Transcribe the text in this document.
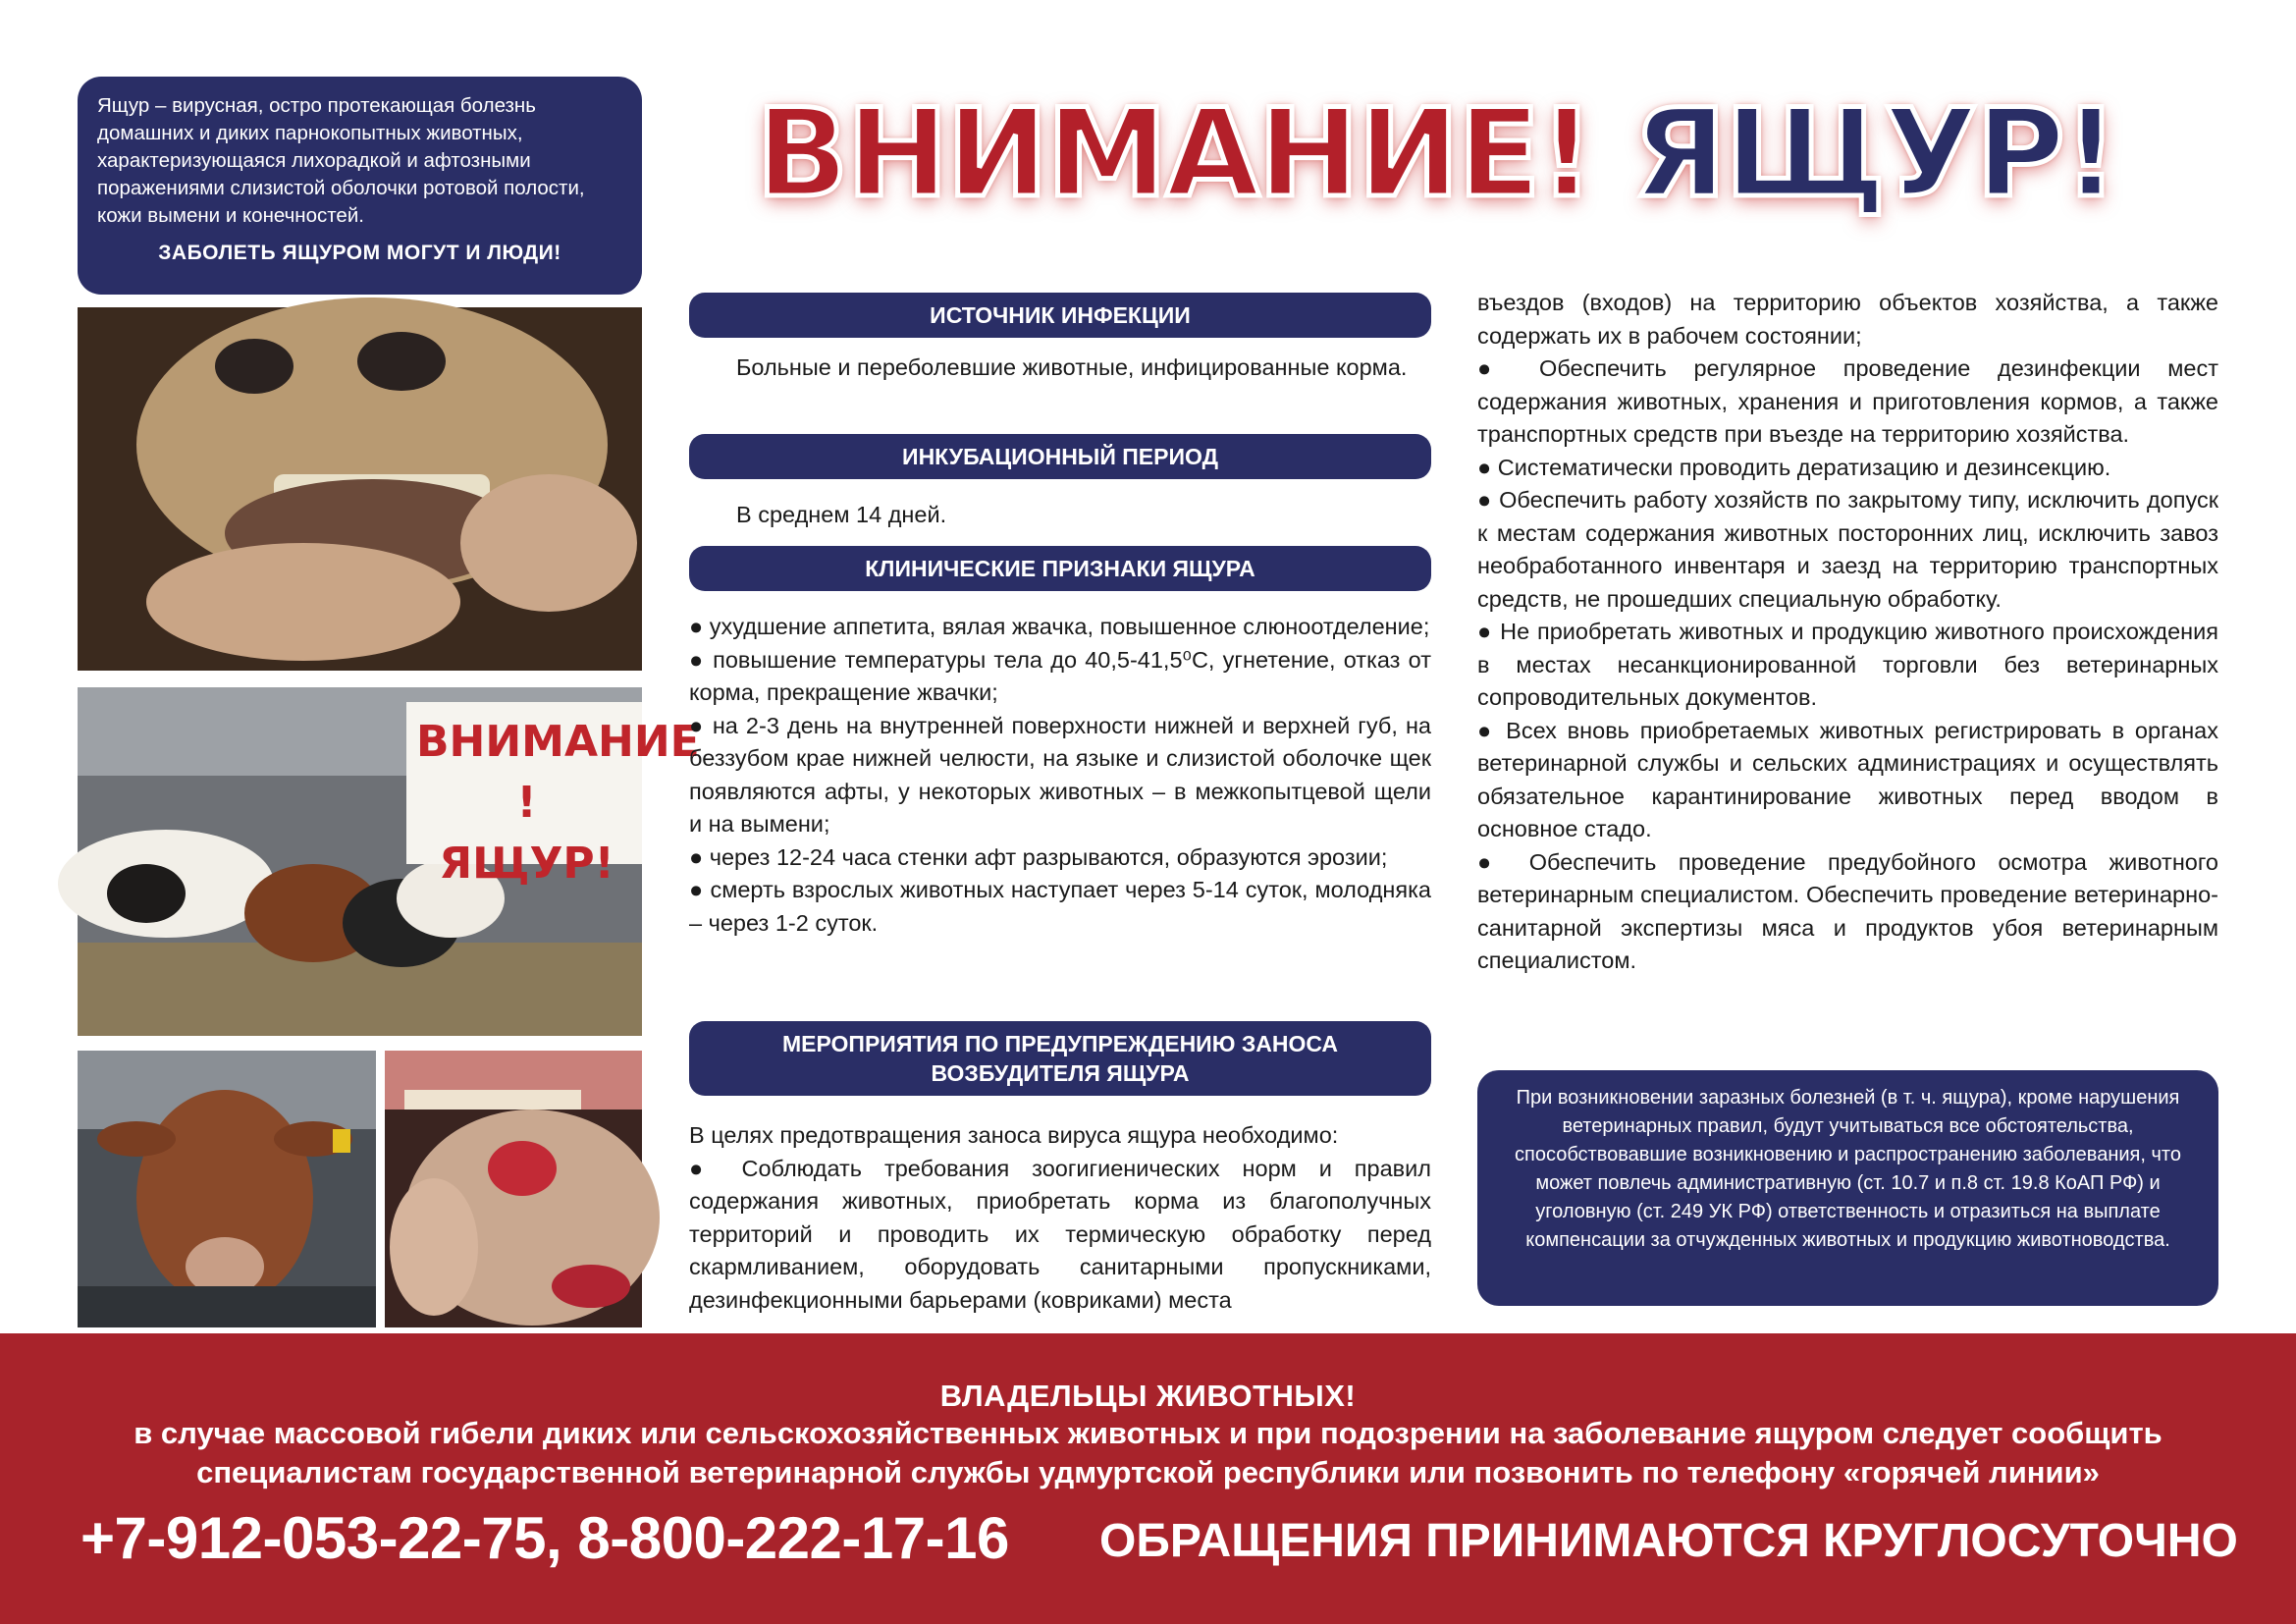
Ящур – вирусная, остро протекающая болезнь домашних и диких парнокопытных животных, характеризующаяся лихорадкой и афтозными поражениями слизистой оболочки ротовой полости, кожи вымени и конечностей.

ЗАБОЛЕТЬ ЯЩУРОМ МОГУТ И ЛЮДИ!

ВНИМАНИЕ !
ЯЩУР!
ВНИМАНИЕ! ЯЩУР!
ИСТОЧНИК ИНФЕКЦИИ

Больные и переболевшие животные, инфицированные корма.

ИНКУБАЦИОННЫЙ ПЕРИОД

В среднем 14 дней.

КЛИНИЧЕСКИЕ ПРИЗНАКИ ЯЩУРА

● ухудшение аппетита, вялая жвачка, повышенное слюноотделение;

● повышение температуры тела до 40,5-41,5⁰С, угнетение, отказ от корма, прекращение жвачки;

● на 2-3 день на внутренней поверхности нижней и верхней губ, на беззубом крае нижней челюсти, на языке и слизистой оболочке щек появляются афты, у некоторых животных – в межкопытцевой щели и на вымени;

● через 12-24 часа стенки афт разрываются, образуются эрозии;

● смерть взрослых животных наступает через 5-14 суток, молодняка – через 1-2 суток.

МЕРОПРИЯТИЯ ПО ПРЕДУПРЕЖДЕНИЮ ЗАНОСА
ВОЗБУДИТЕЛЯ ЯЩУРА

В целях предотвращения заноса вируса ящура необходимо:

● Соблюдать требования зоогигиенических норм и правил содержания животных, приобретать корма из благополучных территорий и проводить их термическую обработку перед скармливанием, оборудовать санитарными пропускниками, дезинфекционными барьерами (ковриками) места

въездов (входов) на территорию объектов хозяйства, а также содержать их в рабочем состоянии;

● Обеспечить регулярное проведение дезинфекции мест содержания животных, хранения и приготовления кормов, а также транспортных средств при въезде на территорию хозяйства.

● Систематически проводить дератизацию и дезинсекцию.

● Обеспечить работу хозяйств по закрытому типу, исключить допуск к местам содержания животных посторонних лиц, исключить завоз необработанного инвентаря и заезд на территорию транспортных средств, не прошедших специальную обработку.

● Не приобретать животных и продукцию животного происхождения в местах несанкционированной торговли без ветеринарных сопроводительных документов.

● Всех вновь приобретаемых животных регистрировать в органах ветеринарной службы и сельских администрациях и осуществлять обязательное карантинирование животных перед вводом в основное стадо.

● Обеспечить проведение предубойного осмотра животного ветеринарным специалистом. Обеспечить проведение ветеринарно-санитарной экспертизы мяса и продуктов убоя ветеринарным специалистом.

При возникновении заразных болезней (в т. ч. ящура), кроме нарушения ветеринарных правил, будут учитываться все обстоятельства, способствовавшие возникновению и распространению заболевания, что может повлечь административную (ст. 10.7 и п.8 ст. 19.8 КоАП РФ) и уголовную (ст. 249 УК РФ) ответственность и отразиться на выплате компенсации за отчужденных животных и продукцию животноводства.

ВЛАДЕЛЬЦЫ ЖИВОТНЫХ!
в случае массовой гибели диких или сельскохозяйственных животных и при подозрении на заболевание ящуром следует сообщить
специалистам государственной ветеринарной службы удмуртской республики или позвонить по телефону «горячей линии»
+7-912-053-22-75, 8-800-222-17-16 ОБРАЩЕНИЯ ПРИНИМАЮТСЯ КРУГЛОСУТОЧНО
